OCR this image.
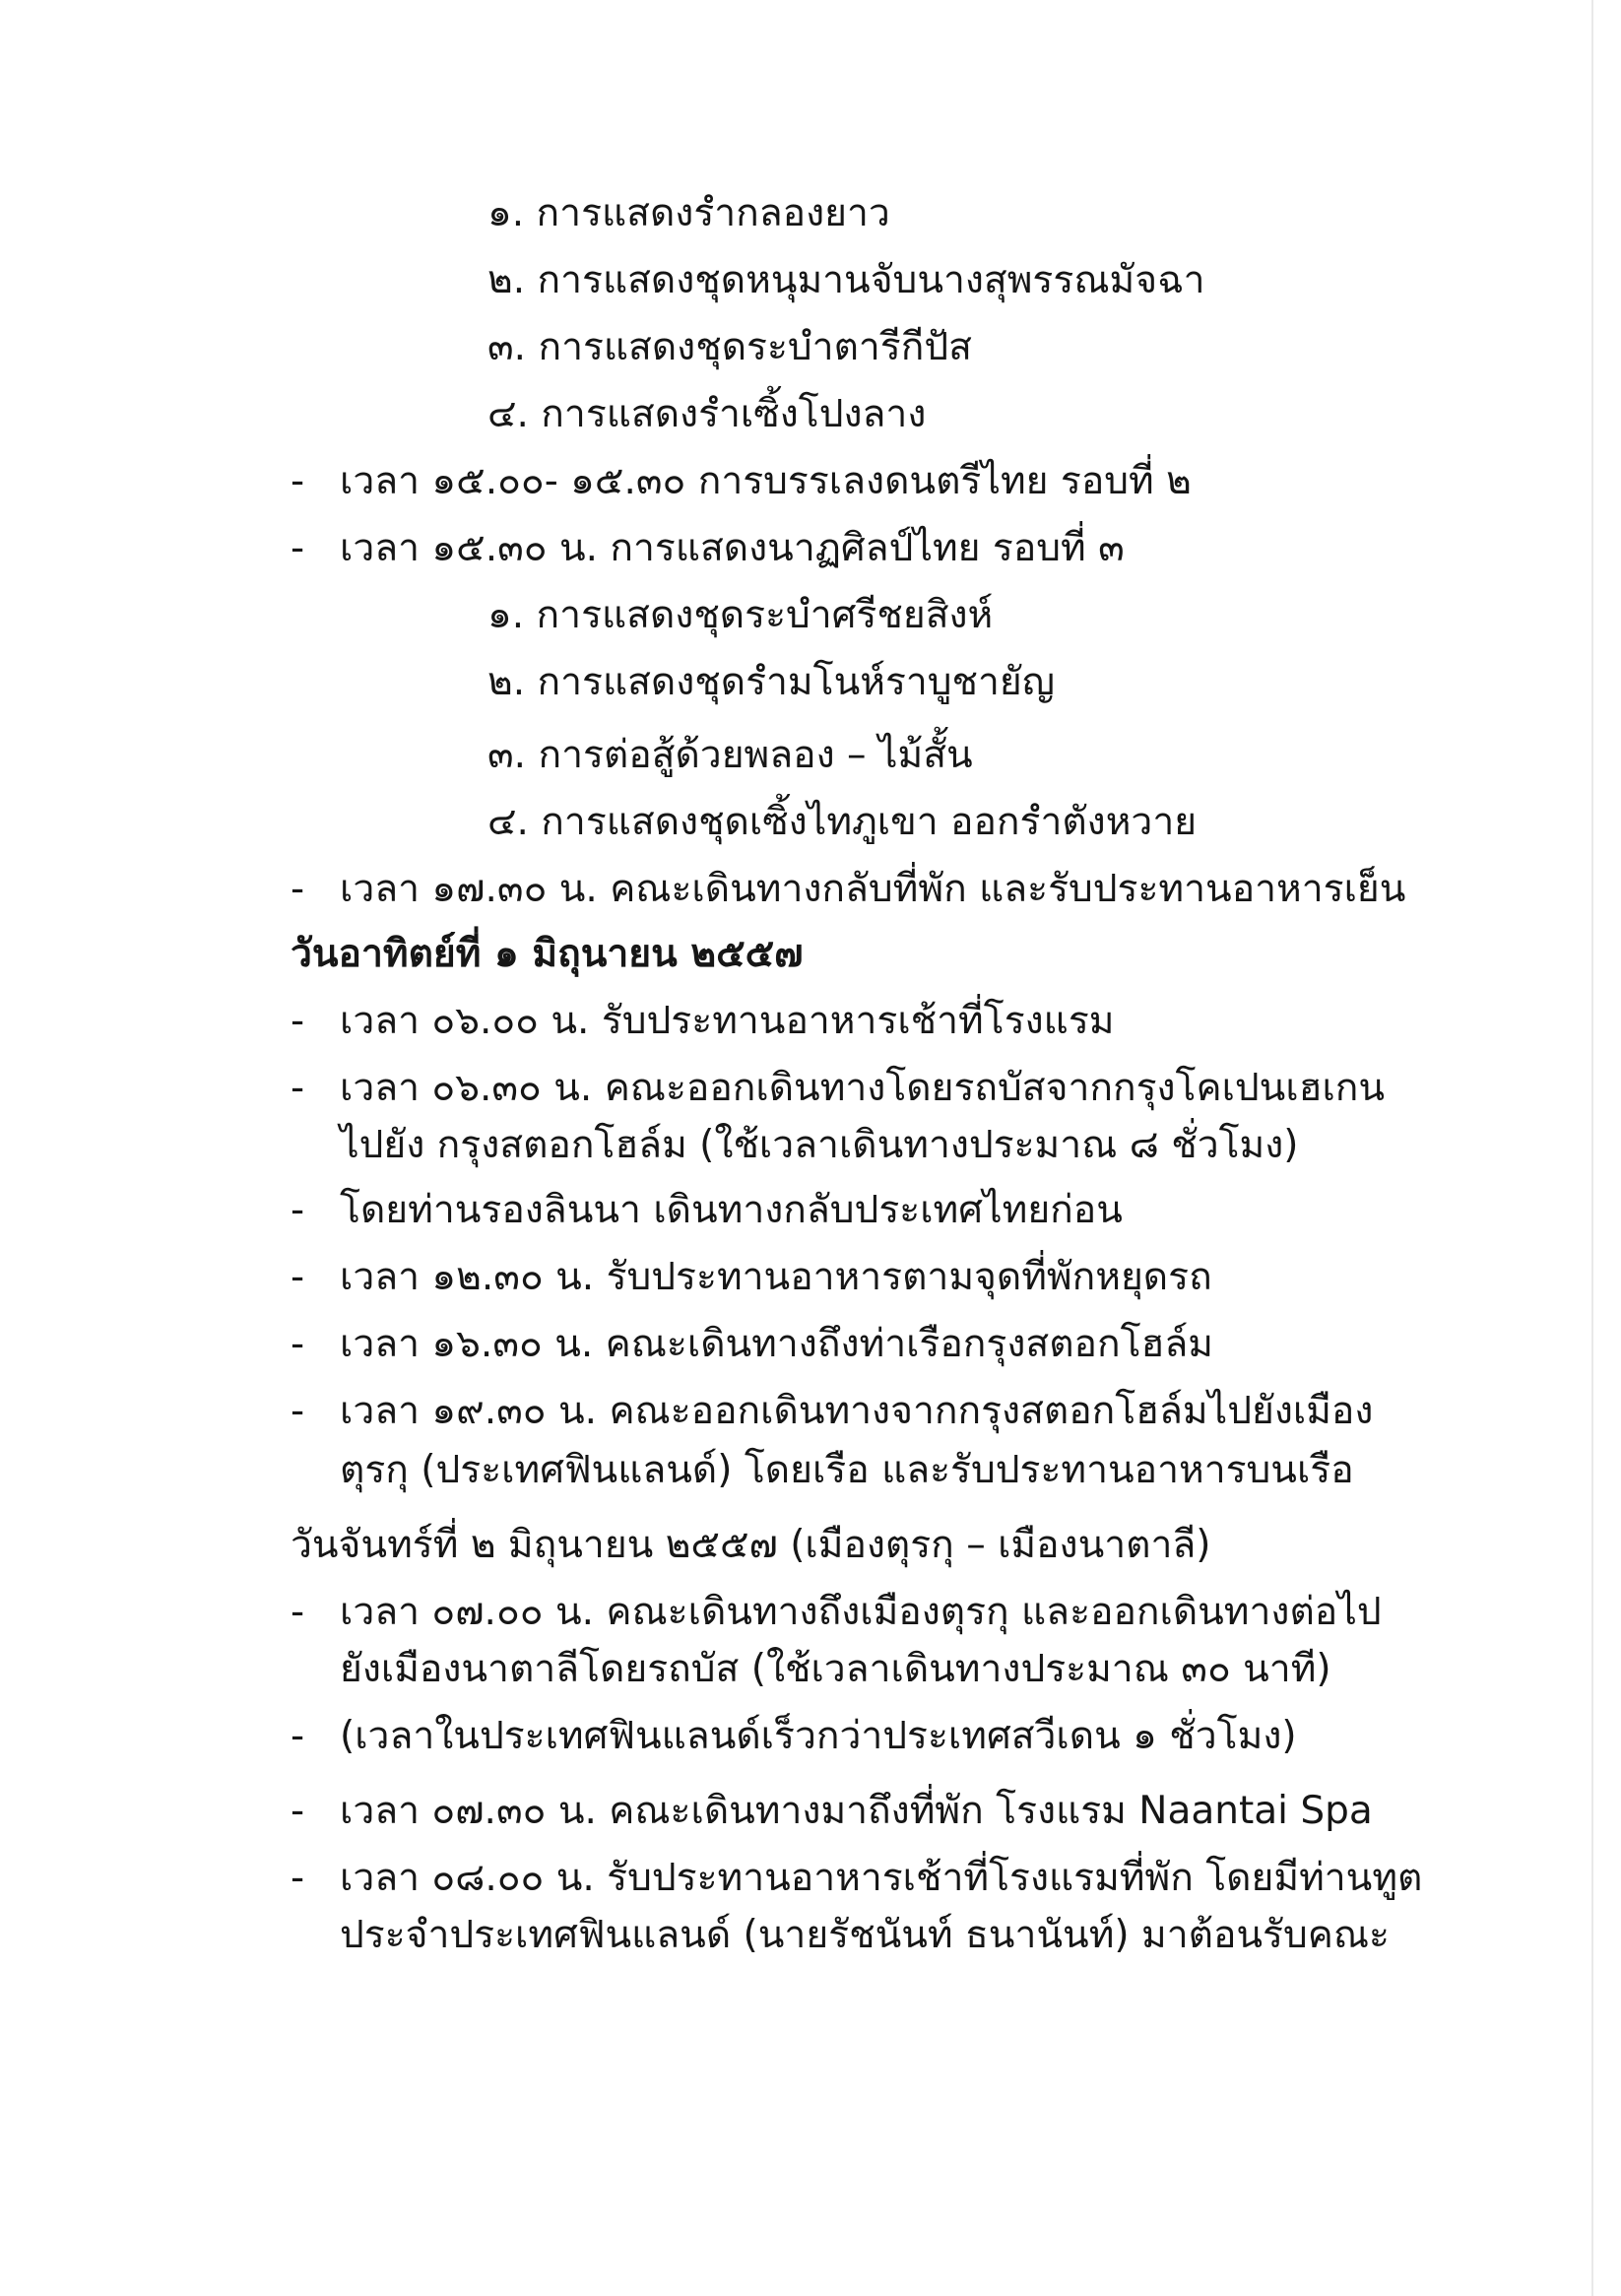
๑. การแสดงรำกลองยาว
๒. การแสดงชุดหนุมานจับนางสุพรรณมัจฉา
๓. การแสดงชุดระบำตารีกีปัส
๔. การแสดงรำเซิ้งโปงลาง
- เวลา ๑๕.๐๐- ๑๕.๓๐ การบรรเลงดนตรีไทย รอบที่ ๒
- เวลา ๑๕.๓๐ น. การแสดงนาฏศิลป์ไทย รอบที่ ๓
๑. การแสดงชุดระบำศรีชยสิงห์
๒. การแสดงชุดรำมโนห์ราบูชายัญ
๓. การต่อสู้ด้วยพลอง – ไม้สั้น
๔. การแสดงชุดเซิ้งไทภูเขา ออกรำตังหวาย
- เวลา ๑๗.๓๐ น. คณะเดินทางกลับที่พัก และรับประทานอาหารเย็น
วันอาทิตย์ที่ ๑ มิถุนายน ๒๕๕๗
- เวลา ๐๖.๐๐ น. รับประทานอาหารเช้าที่โรงแรม
- เวลา ๐๖.๓๐ น. คณะออกเดินทางโดยรถบัสจากกรุงโคเปนเฮเกน
ไปยัง กรุงสตอกโฮล์ม (ใช้เวลาเดินทางประมาณ ๘ ชั่วโมง)
- โดยท่านรองลินนา เดินทางกลับประเทศไทยก่อน
- เวลา ๑๒.๓๐ น. รับประทานอาหารตามจุดที่พักหยุดรถ
- เวลา ๑๖.๓๐ น. คณะเดินทางถึงท่าเรือกรุงสตอกโฮล์ม
- เวลา ๑๙.๓๐ น. คณะออกเดินทางจากกรุงสตอกโฮล์มไปยังเมือง
ตุรกุ (ประเทศฟินแลนด์) โดยเรือ และรับประทานอาหารบนเรือ
วันจันทร์ที่ ๒ มิถุนายน ๒๕๕๗ (เมืองตุรกุ – เมืองนาตาลี)
- เวลา ๐๗.๐๐ น. คณะเดินทางถึงเมืองตุรกุ และออกเดินทางต่อไป
ยังเมืองนาตาลีโดยรถบัส (ใช้เวลาเดินทางประมาณ ๓๐ นาที)
- (เวลาในประเทศฟินแลนด์เร็วกว่าประเทศสวีเดน ๑ ชั่วโมง)
- เวลา ๐๗.๓๐ น. คณะเดินทางมาถึงที่พัก โรงแรม Naantai Spa
- เวลา ๐๘.๐๐ น. รับประทานอาหารเช้าที่โรงแรมที่พัก โดยมีท่านทูต
ประจำประเทศฟินแลนด์ (นายรัชนันท์ ธนานันท์) มาต้อนรับคณะ
